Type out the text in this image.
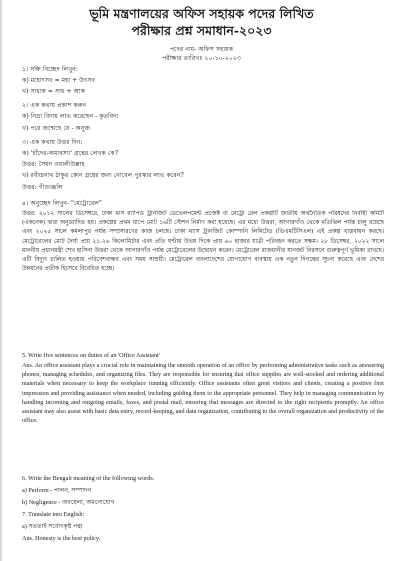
ভূমি মন্ত্রণালয়ের অফিস সহায়ক পদের লিখিত
পরীক্ষার প্রশ্ন সমাধান-২০২৩
পদের নাম- অফিস সহায়ক
পরীক্ষার তারিখঃ ২০-১০-২০২৩
১। সন্ধি বিচ্ছেদ লিখুন:
ক) মহোৎসব = মহা + উৎসব
খ) সাধ্যক = সাধ + আক
২। এক কথায় প্রকাশ করুন
ক) নিদ্রা বিদায় লাভ করেছেন - কৃতবিদ্য
খ) পরে জন্মেছে যে - অনুজ
৩। এক কথায় উত্তর দিন:
ক) 'চাঁদের-অমাবস্যা' গ্রন্থের লেখক কে?
উত্তর: সৈয়দ ওয়ালীউল্লাহ
খ) রবীন্দ্রনাথ ঠাকুর কোন গ্রন্থের জন্য নোবেল পুরস্কার লাভ করেন?
উত্তর: গীতাঞ্জলি
৪। অনুচ্ছেদ লিখুন- "মেট্রোরেল"
উত্তর: ২০১২ সালের ডিসেম্বরে, ঢাকা মাস র‍্যাপিড ট্রানজিট ডেভেলপমেন্ট প্রজেক্ট বা মেট্রো রেল প্রকল্পটি জাতীয় অর্থনৈতিক পরিষদের নির্বাহী কমিটি (একনেক) দ্বারা অনুমোদিত হয়। প্রকল্পের প্রথম ধাপে মোট ১৬টি স্টেশন নির্মাণ করা হয়েছে। এর মধ্যে উত্তরা, আগারগাঁও থেকে মতিঝিল পর্যন্ত চালু রয়েছে এবং ২০২৫ সালে কমলাপুর পর্যন্ত সম্প্রসারণের কাজ চলছে। ঢাকা ম্যাস ট্রানজিট কোম্পানি লিমিটেড (ডিএমটিসিএল) এই প্রকল্প বাস্তবায়ন করছে। মেট্রোরেলের মোট দৈর্ঘ্য প্রায় ২১.২৬ কিলোমিটার এবং প্রতি ঘণ্টায় উভয় দিকে প্রায় ৬০ হাজার যাত্রী পরিবহন করতে সক্ষম। ২৮ ডিসেম্বর, ২০২২ সালে মাননীয় প্রধানমন্ত্রী শেখ হাসিনা উত্তরা থেকে আগারগাঁও পর্যন্ত মেট্রোরেলের উদ্বোধন করেন। মেট্রোরেল রাজধানীর যানজট নিরসনে গুরুত্বপূর্ণ ভূমিকা রাখছে। এটি বিদ্যুৎ চালিত হওয়ায় পরিবেশবান্ধব এবং সময় সাশ্রয়ী। মেট্রোরেল বাংলাদেশের যোগাযোগ ব্যবস্থায় এক নতুন দিগন্তের সূচনা করেছে এবং দেশের উন্নয়নের প্রতীক হিসেবে বিবেচিত হচ্ছে।
5. Write five sentences on duties of an 'Office Assistant'
Ans. An office assistant plays a crucial role in maintaining the smooth operation of an office by performing administrative tasks such as answering phones, managing schedules, and organizing files. They are responsible for ensuring that office supplies are well-stocked and ordering additional materials when necessary to keep the workplace running efficiently. Office assistants often greet visitors and clients, creating a positive first impression and providing assistance when needed, including guiding them to the appropriate personnel. They help in managing communication by handling incoming and outgoing emails, faxes, and postal mail, ensuring that messages are directed to the right recipients promptly. An office assistant may also assist with basic data entry, record-keeping, and data organization, contributing to the overall organization and productivity of the office.
6. Write the Bengali meaning of the following words.
a) Perform - পালন, সম্পাদন
b) Negligence - অবহেলা, অমনোযোগ
7. Translate into English:
a) সততাই সর্বোৎকৃষ্ট পন্থা
Ans. Honesty is the best policy.
